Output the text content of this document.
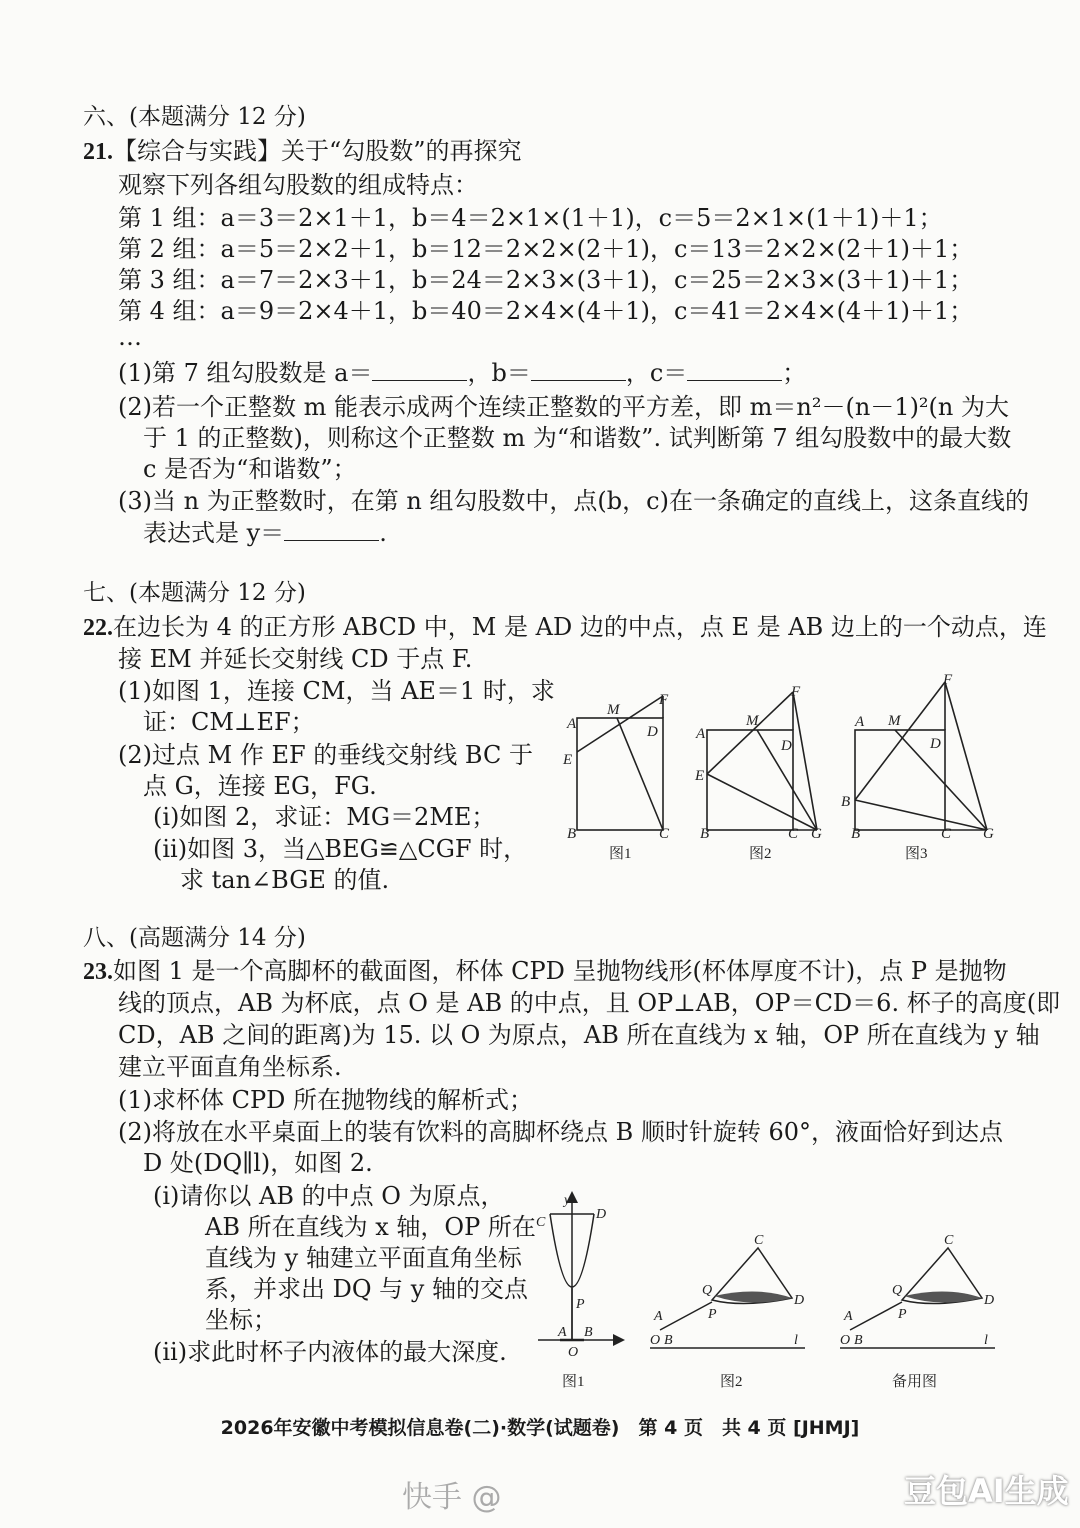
六、(本题满分 12 分)
21.【综合与实践】关于“勾股数”的再探究
观察下列各组勾股数的组成特点：
第 1 组：a＝3＝2×1＋1，b＝4＝2×1×(1＋1)，c＝5＝2×1×(1＋1)＋1；
第 2 组：a＝5＝2×2＋1，b＝12＝2×2×(2＋1)，c＝13＝2×2×(2＋1)＋1；
第 3 组：a＝7＝2×3＋1，b＝24＝2×3×(3＋1)，c＝25＝2×3×(3＋1)＋1；
第 4 组：a＝9＝2×4＋1，b＝40＝2×4×(4＋1)，c＝41＝2×4×(4＋1)＋1；
…
(1)第 7 组勾股数是 a＝	，b＝	，c＝	；
(2)若一个正整数 m 能表示成两个连续正整数的平方差，即 m＝n²－(n－1)²(n 为大
于 1 的正整数)，则称这个正整数 m 为“和谐数”. 试判断第 7 组勾股数中的最大数
c 是否为“和谐数”；
(3)当 n 为正整数时，在第 n 组勾股数中，点(b，c)在一条确定的直线上，这条直线的
表达式是 y＝	.
七、(本题满分 12 分)
22.在边长为 4 的正方形 ABCD 中，M 是 AD 边的中点，点 E 是 AB 边上的一个动点，连
接 EM 并延长交射线 CD 于点 F.
(1)如图 1，连接 CM，当 AE＝1 时，求
证：CM⊥EF；
(2)过点 M 作 EF 的垂线交射线 BC 于
点 G，连接 EG，FG.
(ⅰ)如图 2，求证：MG＝2ME；
(ⅱ)如图 3，当△BEG≌△CGF 时，
求 tan∠BGE 的值.
A
M
F
D
E
B	C
A
M
F
D
E
B	C G
A M
F
D
B
B	C G
图1	图2	图3
八、(高题满分 14 分)
23.如图 1 是一个高脚杯的截面图，杯体 CPD 呈抛物线形(杯体厚度不计)，点 P 是抛物
线的顶点，AB 为杯底，点 O 是 AB 的中点，且 OP⊥AB，OP＝CD＝6. 杯子的高度(即
CD，AB 之间的距离)为 15. 以 O 为原点，AB 所在直线为 x 轴，OP 所在直线为 y 轴
建立平面直角坐标系.
(1)求杯体 CPD 所在抛物线的解析式；
(2)将放在水平桌面上的装有饮料的高脚杯绕点 B 顺时针旋转 60°，液面恰好到达点
D 处(DQ∥l)，如图 2.
(ⅰ)请你以 AB 的中点 O 为原点，
AB 所在直线为 x 轴，OP 所在
直线为 y 轴建立平面直角坐标
系，并求出 DQ 与 y 轴的交点
坐标；
(ⅱ)求此时杯子内液体的最大深度.
y
C
D
P
A B
O
C
Q
D
P
A
O B	l
C
Q
D
P
A
O B	l
图1	图2	备用图
2026年安徽中考模拟信息卷(二)·数学(试题卷)　第 4 页　共 4 页 [JHMJ]
快手 @	豆包AI生成
